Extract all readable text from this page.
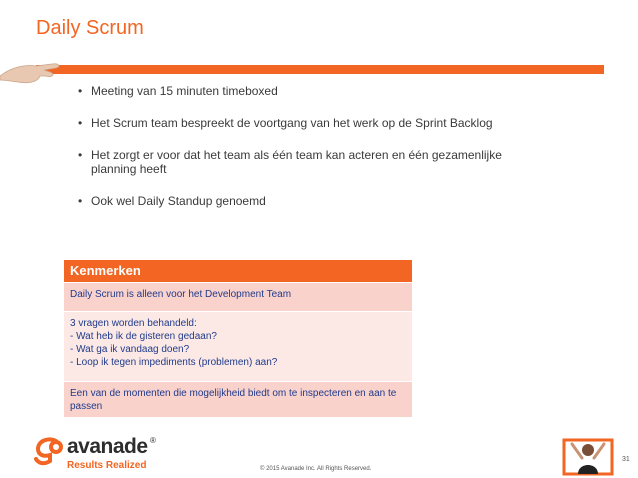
Daily Scrum
• Meeting van 15 minuten timeboxed
• Het Scrum team bespreekt de voortgang van het werk op de Sprint Backlog
• Het zorgt er voor dat het team als één team kan acteren en één gezamenlijke planning heeft
• Ook wel Daily Standup genoemd
Kenmerken
Daily Scrum is alleen voor het Development Team
3 vragen worden behandeld:
- Wat heb ik de gisteren gedaan?
- Wat ga ik vandaag doen?
- Loop ik tegen impediments (problemen) aan?
Een van de momenten die mogelijkheid biedt om te inspecteren en aan te passen
avanade ®
Results Realized	© 2015 Avanade Inc. All Rights Reserved.
31
